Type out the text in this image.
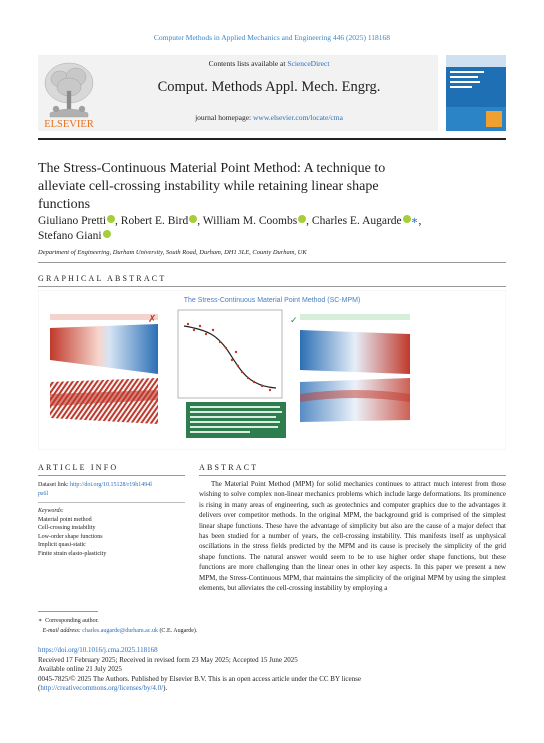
Computer Methods in Applied Mechanics and Engineering 446 (2025) 118168
ELSEVIER
Contents lists available at ScienceDirect
Comput. Methods Appl. Mech. Engrg.
journal homepage: www.elsevier.com/locate/cma
The Stress-Continuous Material Point Method: A technique to alleviate cell-crossing instability while retaining linear shape functions
Giuliano Pretti , Robert E. Bird , William M. Coombs , Charles E. Augarde ∗, Stefano Giani
Department of Engineering, Durham University, South Road, Durham, DH1 3LE, County Durham, UK
GRAPHICAL ABSTRACT
The Stress-Continuous Material Point Method (SC-MPM)
✗	✓
ARTICLE INFO	ABSTRACT
Dataset link: http://doi.org/10.15128/r19h1494l
ps6l
Keywords:
Material point method
Cell-crossing instability
Low-order shape functions
Implicit quasi-static
Finite strain elasto-plasticity
The Material Point Method (MPM) for solid mechanics continues to attract much interest from those wishing to solve complex non-linear mechanics problems which include large deformations. Its prominence is rising in many areas of engineering, such as geotechnics and computer graphics due to the advantages it delivers over competitor methods. In the original MPM, the background grid is comprised of the simplest linear shape functions. These have the advantage of simplicity but also are the cause of a major defect that has been studied for a number of years, the cell-crossing instability. This manifests itself as unphysical oscillations in the stress fields predicted by the MPM and its cause is precisely the simplicity of the grid shape functions. The natural answer would seem to be to use higher order shape functions, but these functions are more challenging than the linear ones in other key aspects. In this paper we present a new MPM, the Stress-Continuous MPM, that maintains the simplicity of the original MPM by using the simplest elements, but alleviates the cell-crossing instability by employing a
∗ Corresponding author.
E-mail address: charles.augarde@durham.ac.uk (C.E. Augarde).
https://doi.org/10.1016/j.cma.2025.118168
Received 17 February 2025; Received in revised form 23 May 2025; Accepted 15 June 2025
Available online 21 July 2025
0045-7825/© 2025 The Authors. Published by Elsevier B.V. This is an open access article under the CC BY license
(http://creativecommons.org/licenses/by/4.0/).
